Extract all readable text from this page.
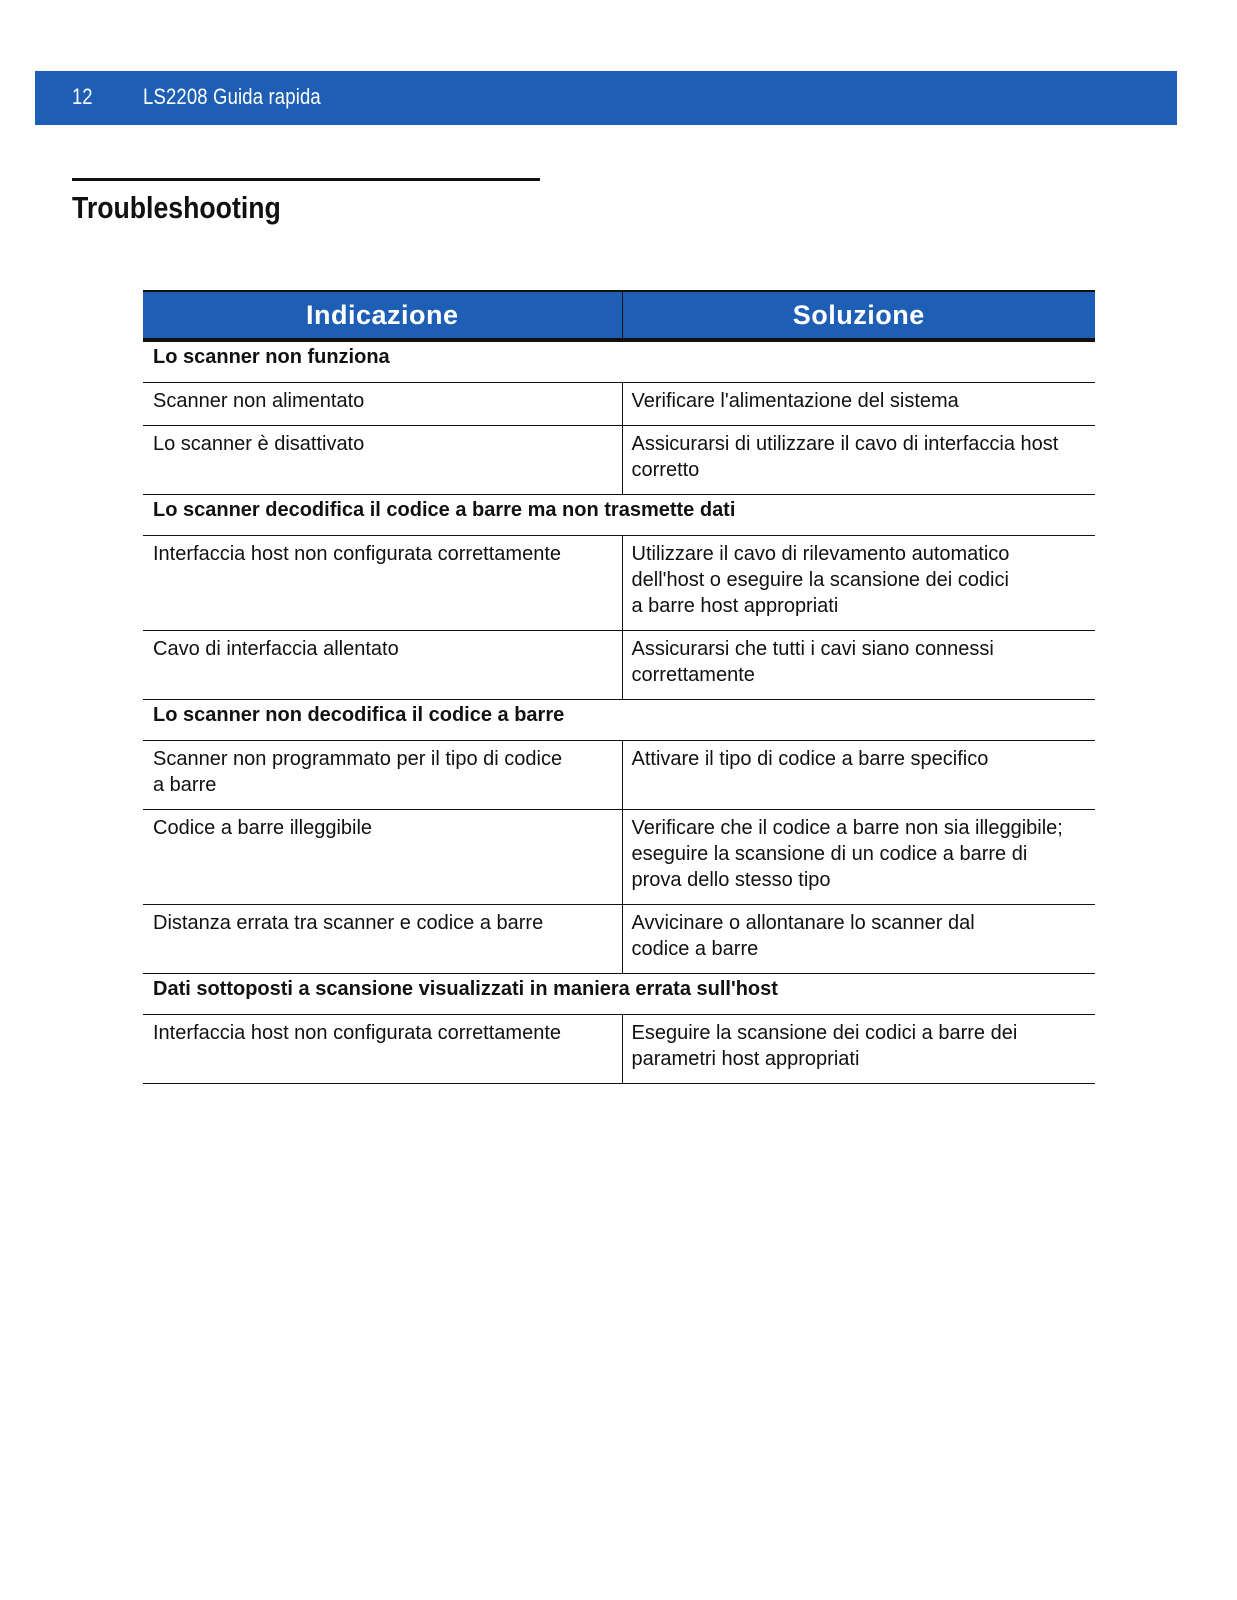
12 LS2208 Guida rapida
Troubleshooting
Indicazione	Soluzione
Lo scanner non funziona	

Scanner non alimentato	Verificare l'alimentazione del sistema

Lo scanner è disattivato	Assicurarsi di utilizzare il cavo di interfaccia host
corretto

Lo scanner decodifica il codice a barre ma non trasmette dati	

Interfaccia host non configurata correttamente	Utilizzare il cavo di rilevamento automatico
dell'host o eseguire la scansione dei codici
a barre host appropriati

Cavo di interfaccia allentato	Assicurarsi che tutti i cavi siano connessi
correttamente

Lo scanner non decodifica il codice a barre	

Scanner non programmato per il tipo di codice
a barre	Attivare il tipo di codice a barre specifico

Codice a barre illeggibile	Verificare che il codice a barre non sia illeggibile;
eseguire la scansione di un codice a barre di
prova dello stesso tipo

Distanza errata tra scanner e codice a barre	Avvicinare o allontanare lo scanner dal
codice a barre

Dati sottoposti a scansione visualizzati in maniera errata sull'host	

Interfaccia host non configurata correttamente	Eseguire la scansione dei codici a barre dei
parametri host appropriati
